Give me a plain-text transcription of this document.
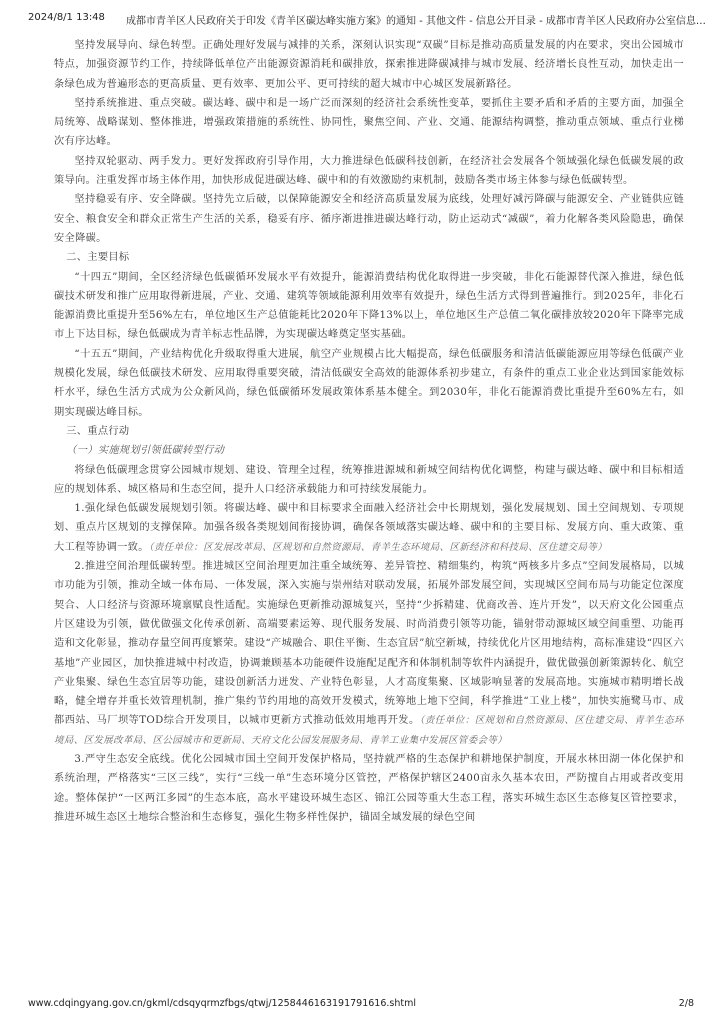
2024/8/1 13:48 成都市青羊区人民政府关于印发《青羊区碳达峰实施方案》的通知 - 其他文件 - 信息公开目录 - 成都市青羊区人民政府办公室信息…

坚持发展导向、绿色转型。正确处理好发展与减排的关系，深刻认识实现“双碳”目标是推动高质量发展的内在要求，突出公园城市特点，加强资源节约工作，持续降低单位产出能源资源消耗和碳排放，探索推进降碳减排与城市发展、经济增长良性互动，加快走出一条绿色成为普遍形态的更高质量、更有效率、更加公平、更可持续的超大城市中心城区发展新路径。

坚持系统推进、重点突破。碳达峰、碳中和是一场广泛而深刻的经济社会系统性变革，要抓住主要矛盾和矛盾的主要方面，加强全局统筹、战略谋划、整体推进，增强政策措施的系统性、协同性，聚焦空间、产业、交通、能源结构调整，推动重点领域、重点行业梯次有序达峰。

坚持双轮驱动、两手发力。更好发挥政府引导作用，大力推进绿色低碳科技创新，在经济社会发展各个领域强化绿色低碳发展的政策导向。注重发挥市场主体作用，加快形成促进碳达峰、碳中和的有效激励约束机制，鼓励各类市场主体参与绿色低碳转型。

坚持稳妥有序、安全降碳。坚持先立后破，以保障能源安全和经济高质量发展为底线，处理好减污降碳与能源安全、产业链供应链安全、粮食安全和群众正常生产生活的关系，稳妥有序、循序渐进推进碳达峰行动，防止运动式“减碳”，着力化解各类风险隐患，确保安全降碳。

二、主要目标

“十四五”期间，全区经济绿色低碳循环发展水平有效提升，能源消费结构优化取得进一步突破，非化石能源替代深入推进，绿色低碳技术研发和推广应用取得新进展，产业、交通、建筑等领域能源利用效率有效提升，绿色生活方式得到普遍推行。到2025年，非化石能源消费比重提升至56%左右，单位地区生产总值能耗比2020年下降13%以上，单位地区生产总值二氧化碳排放较2020年下降率完成市上下达目标，绿色低碳成为青羊标志性品牌，为实现碳达峰奠定坚实基础。

“十五五”期间，产业结构优化升级取得重大进展，航空产业规模占比大幅提高，绿色低碳服务和清洁低碳能源应用等绿色低碳产业规模化发展，绿色低碳技术研发、应用取得重要突破，清洁低碳安全高效的能源体系初步建立，有条件的重点工业企业达到国家能效标杆水平，绿色生活方式成为公众新风尚，绿色低碳循环发展政策体系基本健全。到2030年，非化石能源消费比重提升至60%左右，如期实现碳达峰目标。

三、重点行动

（一）实施规划引领低碳转型行动

将绿色低碳理念贯穿公园城市规划、建设、管理全过程，统筹推进源城和新城空间结构优化调整，构建与碳达峰、碳中和目标相适应的规划体系、城区格局和生态空间，提升人口经济承载能力和可持续发展能力。

1.强化绿色低碳发展规划引领。将碳达峰、碳中和目标要求全面融入经济社会中长期规划，强化发展规划、国土空间规划、专项规划、重点片区规划的支撑保障。加强各级各类规划间衔接协调，确保各领域落实碳达峰、碳中和的主要目标、发展方向、重大政策、重大工程等协调一致。（责任单位：区发展改革局、区规划和自然资源局、青羊生态环境局、区新经济和科技局、区住建交局等）

2.推进空间治理低碳转型。推进城区空间治理更加注重全域统筹、差异管控、精细集约，构筑“两核多片多点”空间发展格局，以城市功能为引领，推动全域一体布局、一体发展，深入实施与崇州结对联动发展，拓展外部发展空间，实现城区空间布局与功能定位深度契合、人口经济与资源环境禀赋良性适配。实施绿色更新推动源城复兴，坚持“少拆精建、优商改善、连片开发”，以天府文化公园重点片区建设为引领，做优做强文化传承创新、高端要素运筹、现代服务发展、时尚消费引领等功能，锚射带动源城区域空间重塑、功能再造和文化彰显，推动存量空间再度繁荣。建设“产城融合、职住平衡、生态宜居”航空新城，持续优化片区用地结构，高标准建设“四区六基地”产业园区，加快推进城中村改造，协调兼顾基本功能硬件设施配足配齐和体制机制等软件内涵提升，做优做强创新策源转化、航空产业集聚、绿色生态宜居等功能，建设创新活力迸发、产业特色彰显，人才高度集聚、区域影响显著的发展高地。实施城市精明增长战略，健全增存并重长效管理机制，推广集约节约用地的高效开发模式，统筹地上地下空间，科学推进“工业上楼”，加快实施鹭马市、成都西站、马厂坝等TOD综合开发项目，以城市更新方式推动低效用地再开发。（责任单位：区规划和自然资源局、区住建交局、青羊生态环境局、区发展改革局、区公园城市和更新局、天府文化公园发展服务局、青羊工业集中发展区管委会等）

3.严守生态安全底线。优化公园城市国土空间开发保护格局，坚持就严格的生态保护和耕地保护制度，开展水林田湖一体化保护和系统治理，严格落实“三区三线”，实行“三线一单”生态环境分区管控，严格保护辖区2400亩永久基本农田，严防擅自占用或者改变用途。整体保护“一区两江多园”的生态本底，高水平建设环城生态区、锦江公园等重大生态工程，落实环城生态区生态修复区管控要求，推进环城生态区土地综合整治和生态修复，强化生物多样性保护，锚固全域发展的绿色空间

www.cdqingyang.gov.cn/gkml/cdsqyqrmzfbgs/qtwj/1258446163191791616.shtml	2/8
